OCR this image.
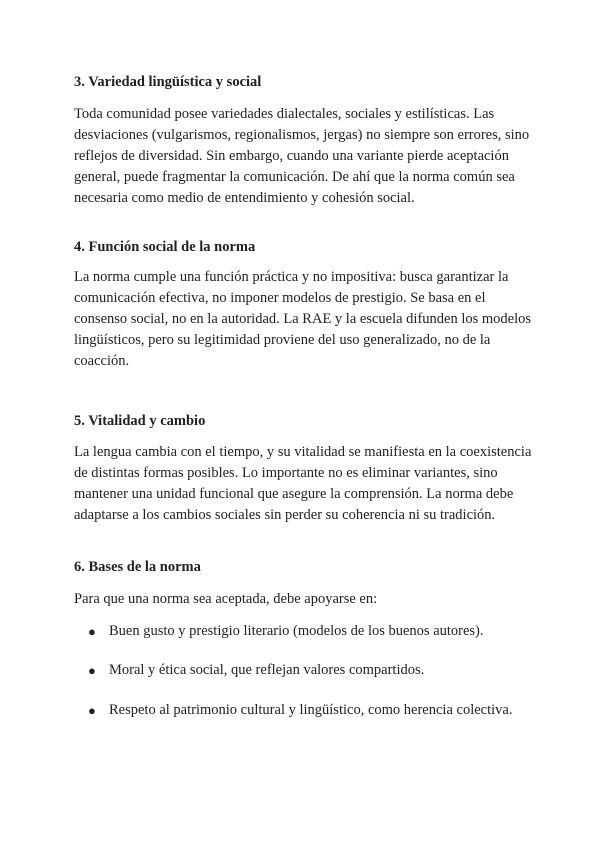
3. Variedad lingüística y social

Toda comunidad posee variedades dialectales, sociales y estilísticas. Las desviaciones (vulgarismos, regionalismos, jergas) no siempre son errores, sino reflejos de diversidad. Sin embargo, cuando una variante pierde aceptación general, puede fragmentar la comunicación. De ahí que la norma común sea necesaria como medio de entendimiento y cohesión social.

4. Función social de la norma

La norma cumple una función práctica y no impositiva: busca garantizar la comunicación efectiva, no imponer modelos de prestigio. Se basa en el consenso social, no en la autoridad. La RAE y la escuela difunden los modelos lingüísticos, pero su legitimidad proviene del uso generalizado, no de la coacción.

5. Vitalidad y cambio

La lengua cambia con el tiempo, y su vitalidad se manifiesta en la coexistencia de distintas formas posibles. Lo importante no es eliminar variantes, sino mantener una unidad funcional que asegure la comprensión. La norma debe adaptarse a los cambios sociales sin perder su coherencia ni su tradición.

6. Bases de la norma

Para que una norma sea aceptada, debe apoyarse en:

● Buen gusto y prestigio literario (modelos de los buenos autores).

● Moral y ética social, que reflejan valores compartidos.

● Respeto al patrimonio cultural y lingüístico, como herencia colectiva.
